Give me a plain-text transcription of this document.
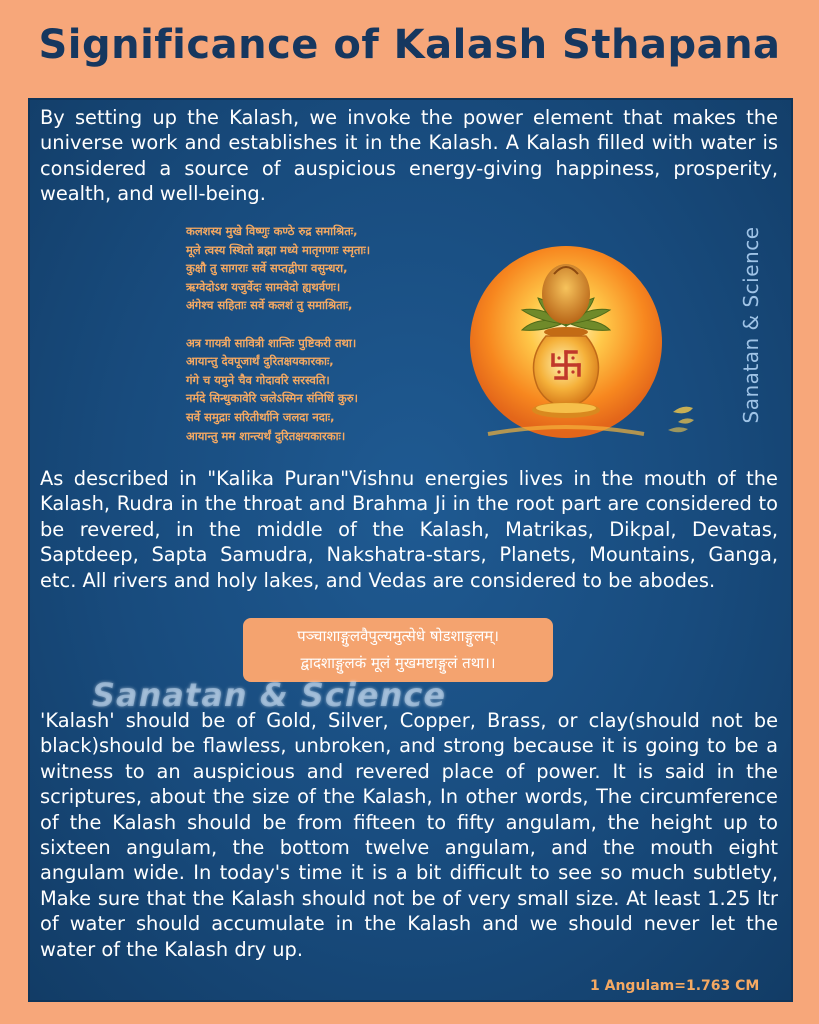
Significance of Kalash Sthapana
By setting up the Kalash, we invoke the power element that makes the universe work and establishes it in the Kalash. A Kalash filled with water is considered a source of auspicious energy-giving happiness, prosperity, wealth, and well-being.
कलशस्य मुखे विष्णुः कण्ठे रुद्र समाश्रितः,
मूले त्वस्य स्थितो ब्रह्मा मध्ये मातृगणाः स्मृताः।
कुक्षौ तु सागराः सर्वे सप्तद्वीपा वसुन्धरा,
ऋग्वेदोऽथ यजुर्वेदः सामवेदो ह्यथर्वणः।
अंगेश्च सहिताः सर्वे कलशं तु समाश्रिताः,
अत्र गायत्री सावित्री शान्तिः पुष्टिकरी तथा।
आयान्तु देवपूजार्थं दुरितक्षयकारकाः,
गंगे च यमुने चैव गोदावरि सरस्वति।
नर्मदे सिन्धुकावेरि जलेऽस्मिन संनिधिं कुरु।
सर्वे समुद्राः सरितीर्थानि जलदा नदाः,
आयान्तु मम शान्त्यर्थं दुरितक्षयकारकाः।
Sanatan & Science
As described in "Kalika Puran"Vishnu energies lives in the mouth of the Kalash, Rudra in the throat and Brahma Ji in the root part are considered to be revered, in the middle of the Kalash, Matrikas, Dikpal, Devatas, Saptdeep, Sapta Samudra, Nakshatra-stars, Planets, Mountains, Ganga, etc. All rivers and holy lakes, and Vedas are considered to be abodes.
पञ्चाशाङ्गुलवैपुल्यमुत्सेधे षोडशाङ्गुलम्।
द्वादशाङ्गुलकं मूलं मुखमष्टाङ्गुलं तथा।।
Sanatan & Science
'Kalash' should be of Gold, Silver, Copper, Brass, or clay(should not be black)should be flawless, unbroken, and strong because it is going to be a witness to an auspicious and revered place of power. It is said in the scriptures, about the size of the Kalash, In other words, The circumference of the Kalash should be from fifteen to fifty angulam, the height up to sixteen angulam, the bottom twelve angulam, and the mouth eight angulam wide. In today's time it is a bit difficult to see so much subtlety, Make sure that the Kalash should not be of very small size. At least 1.25 ltr of water should accumulate in the Kalash and we should never let the water of the Kalash dry up.
1 Angulam=1.763 CM
